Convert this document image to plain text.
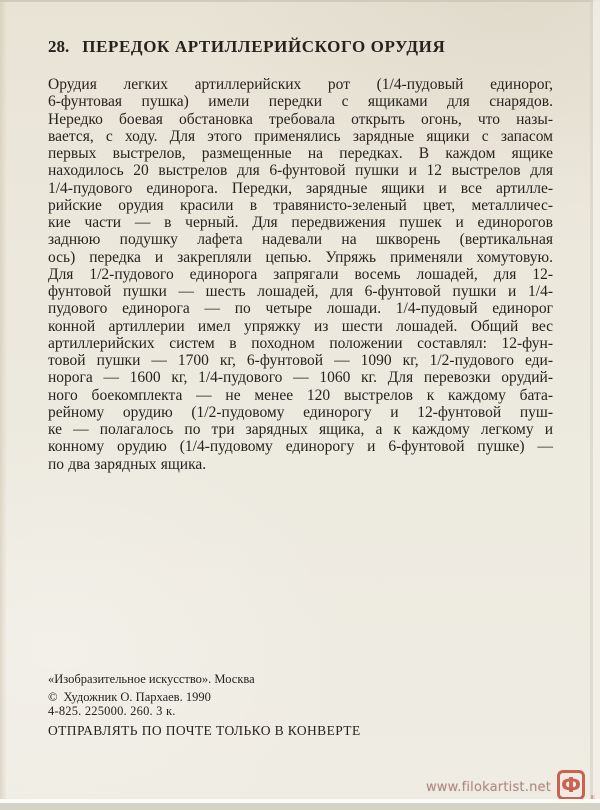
28. ПЕРЕДОК АРТИЛЛЕРИЙСКОГО ОРУДИЯ
Орудия легких артиллерийских рот (1/4-пудовый единорог,
6-фунтовая пушка) имели передки с ящиками для снарядов.
Нередко боевая обстановка требовала открыть огонь, что назы-
вается, с ходу. Для этого применялись зарядные ящики с запасом
первых выстрелов, размещенные на передках. В каждом ящике
находилось 20 выстрелов для 6-фунтовой пушки и 12 выстрелов для
1/4-пудового единорога. Передки, зарядные ящики и все артилле-
рийские орудия красили в травянисто-зеленый цвет, металличес-
кие части — в черный. Для передвижения пушек и единорогов
заднюю подушку лафета надевали на шкворень (вертикальная
ось) передка и закрепляли цепью. Упряжь применяли хомутовую.
Для 1/2-пудового единорога запрягали восемь лошадей, для 12-
фунтовой пушки — шесть лошадей, для 6-фунтовой пушки и 1/4-
пудового единорога — по четыре лошади. 1/4-пудовый единорог
конной артиллерии имел упряжку из шести лошадей. Общий вес
артиллерийских систем в походном положении составлял: 12-фун-
товой пушки — 1700 кг, 6-фунтовой — 1090 кг, 1/2-пудового еди-
норога — 1600 кг, 1/4-пудового — 1060 кг. Для перевозки орудий-
ного боекомплекта — не менее 120 выстрелов к каждому бата-
рейному орудию (1/2-пудовому единорогу и 12-фунтовой пуш-
ке — полагалось по три зарядных ящика, а к каждому легкому и
конному орудию (1/4-пудовому единорогу и 6-фунтовой пушке) —
по два зарядных ящика.
«Изобразительное искусство». Москва
© Художник О. Пархаев. 1990
4-825. 225000. 260. 3 к.
ОТПРАВЛЯТЬ ПО ПОЧТЕ ТОЛЬКО В КОНВЕРТЕ
www.filokartist.net Ф
